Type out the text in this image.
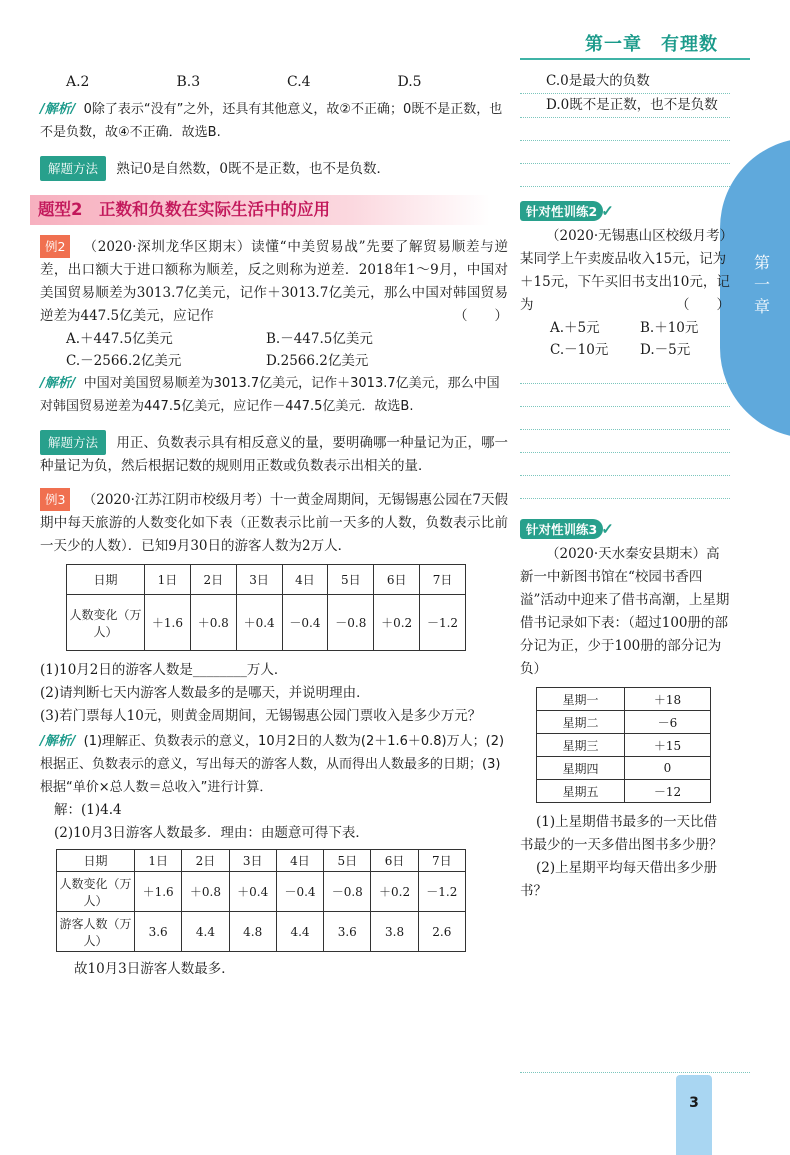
第一章　有理数
第一章
A.2	B.3	C.4	D.5

/解析/ 0除了表示“没有”之外，还具有其他意义，故②不正确；0既不是正数，也不是负数，故④不正确．故选B.

解题方法 熟记0是自然数，0既不是正数，也不是负数．

题型2　正数和负数在实际生活中的应用

例2 （2020·深圳龙华区期末）读懂“中美贸易战”先要了解贸易顺差与逆差，出口额大于进口额称为顺差，反之则称为逆差．2018年1～9月，中国对美国贸易顺差为3013.7亿美元，记作＋3013.7亿美元，那么中国对韩国贸易逆差为447.5亿美元，应记作	（　　）

A.＋447.5亿美元	B.－447.5亿美元
C.－2566.2亿美元	D.2566.2亿美元

/解析/ 中国对美国贸易顺差为3013.7亿美元，记作＋3013.7亿美元，那么中国对韩国贸易逆差为447.5亿美元，应记作－447.5亿美元．故选B.

解题方法 用正、负数表示具有相反意义的量，要明确哪一种量记为正，哪一种量记为负，然后根据记数的规则用正数或负数表示出相关的量．

例3 （2020·江苏江阴市校级月考）十一黄金周期间，无锡锡惠公园在7天假期中每天旅游的人数变化如下表（正数表示比前一天多的人数，负数表示比前一天少的人数）．已知9月30日的游客人数为2万人．

日期	1日	2日	3日	4日	5日	6日	7日
人数变化（万人）	＋1.6	＋0.8	＋0.4	－0.4	－0.8	＋0.2	－1.2

(1)10月2日的游客人数是________万人．

(2)请判断七天内游客人数最多的是哪天，并说明理由．

(3)若门票每人10元，则黄金周期间，无锡锡惠公园门票收入是多少万元？

/解析/ (1)理解正、负数表示的意义，10月2日的人数为(2＋1.6＋0.8)万人；(2)根据正、负数表示的意义，写出每天的游客人数，从而得出人数最多的日期；(3)根据“单价×总人数＝总收入”进行计算．

解：(1)4.4

(2)10月3日游客人数最多．理由：由题意可得下表．

日期	1日	2日	3日	4日	5日	6日	7日
人数变化（万人）	＋1.6	＋0.8	＋0.4	－0.4	－0.8	＋0.2	－1.2
游客人数（万人）	3.6	4.4	4.8	4.4	3.6	3.8	2.6

故10月3日游客人数最多．

C.0是最大的负数
D.0既不是正数，也不是负数
针对性训练2 ✓

（2020·无锡惠山区校级月考）某同学上午卖废品收入15元，记为＋15元，下午买旧书支出10元，记为	（　　）

A.＋5元	B.＋10元
C.－10元	D.－5元
针对性训练3 ✓

（2020·天水秦安县期末）高新一中新图书馆在“校园书香四溢”活动中迎来了借书高潮，上星期借书记录如下表：（超过100册的部分记为正，少于100册的部分记为负）

星期一	＋18
星期二	－6
星期三	＋15
星期四	0
星期五	－12

(1)上星期借书最多的一天比借书最少的一天多借出图书多少册？

(2)上星期平均每天借出多少册书？

3
